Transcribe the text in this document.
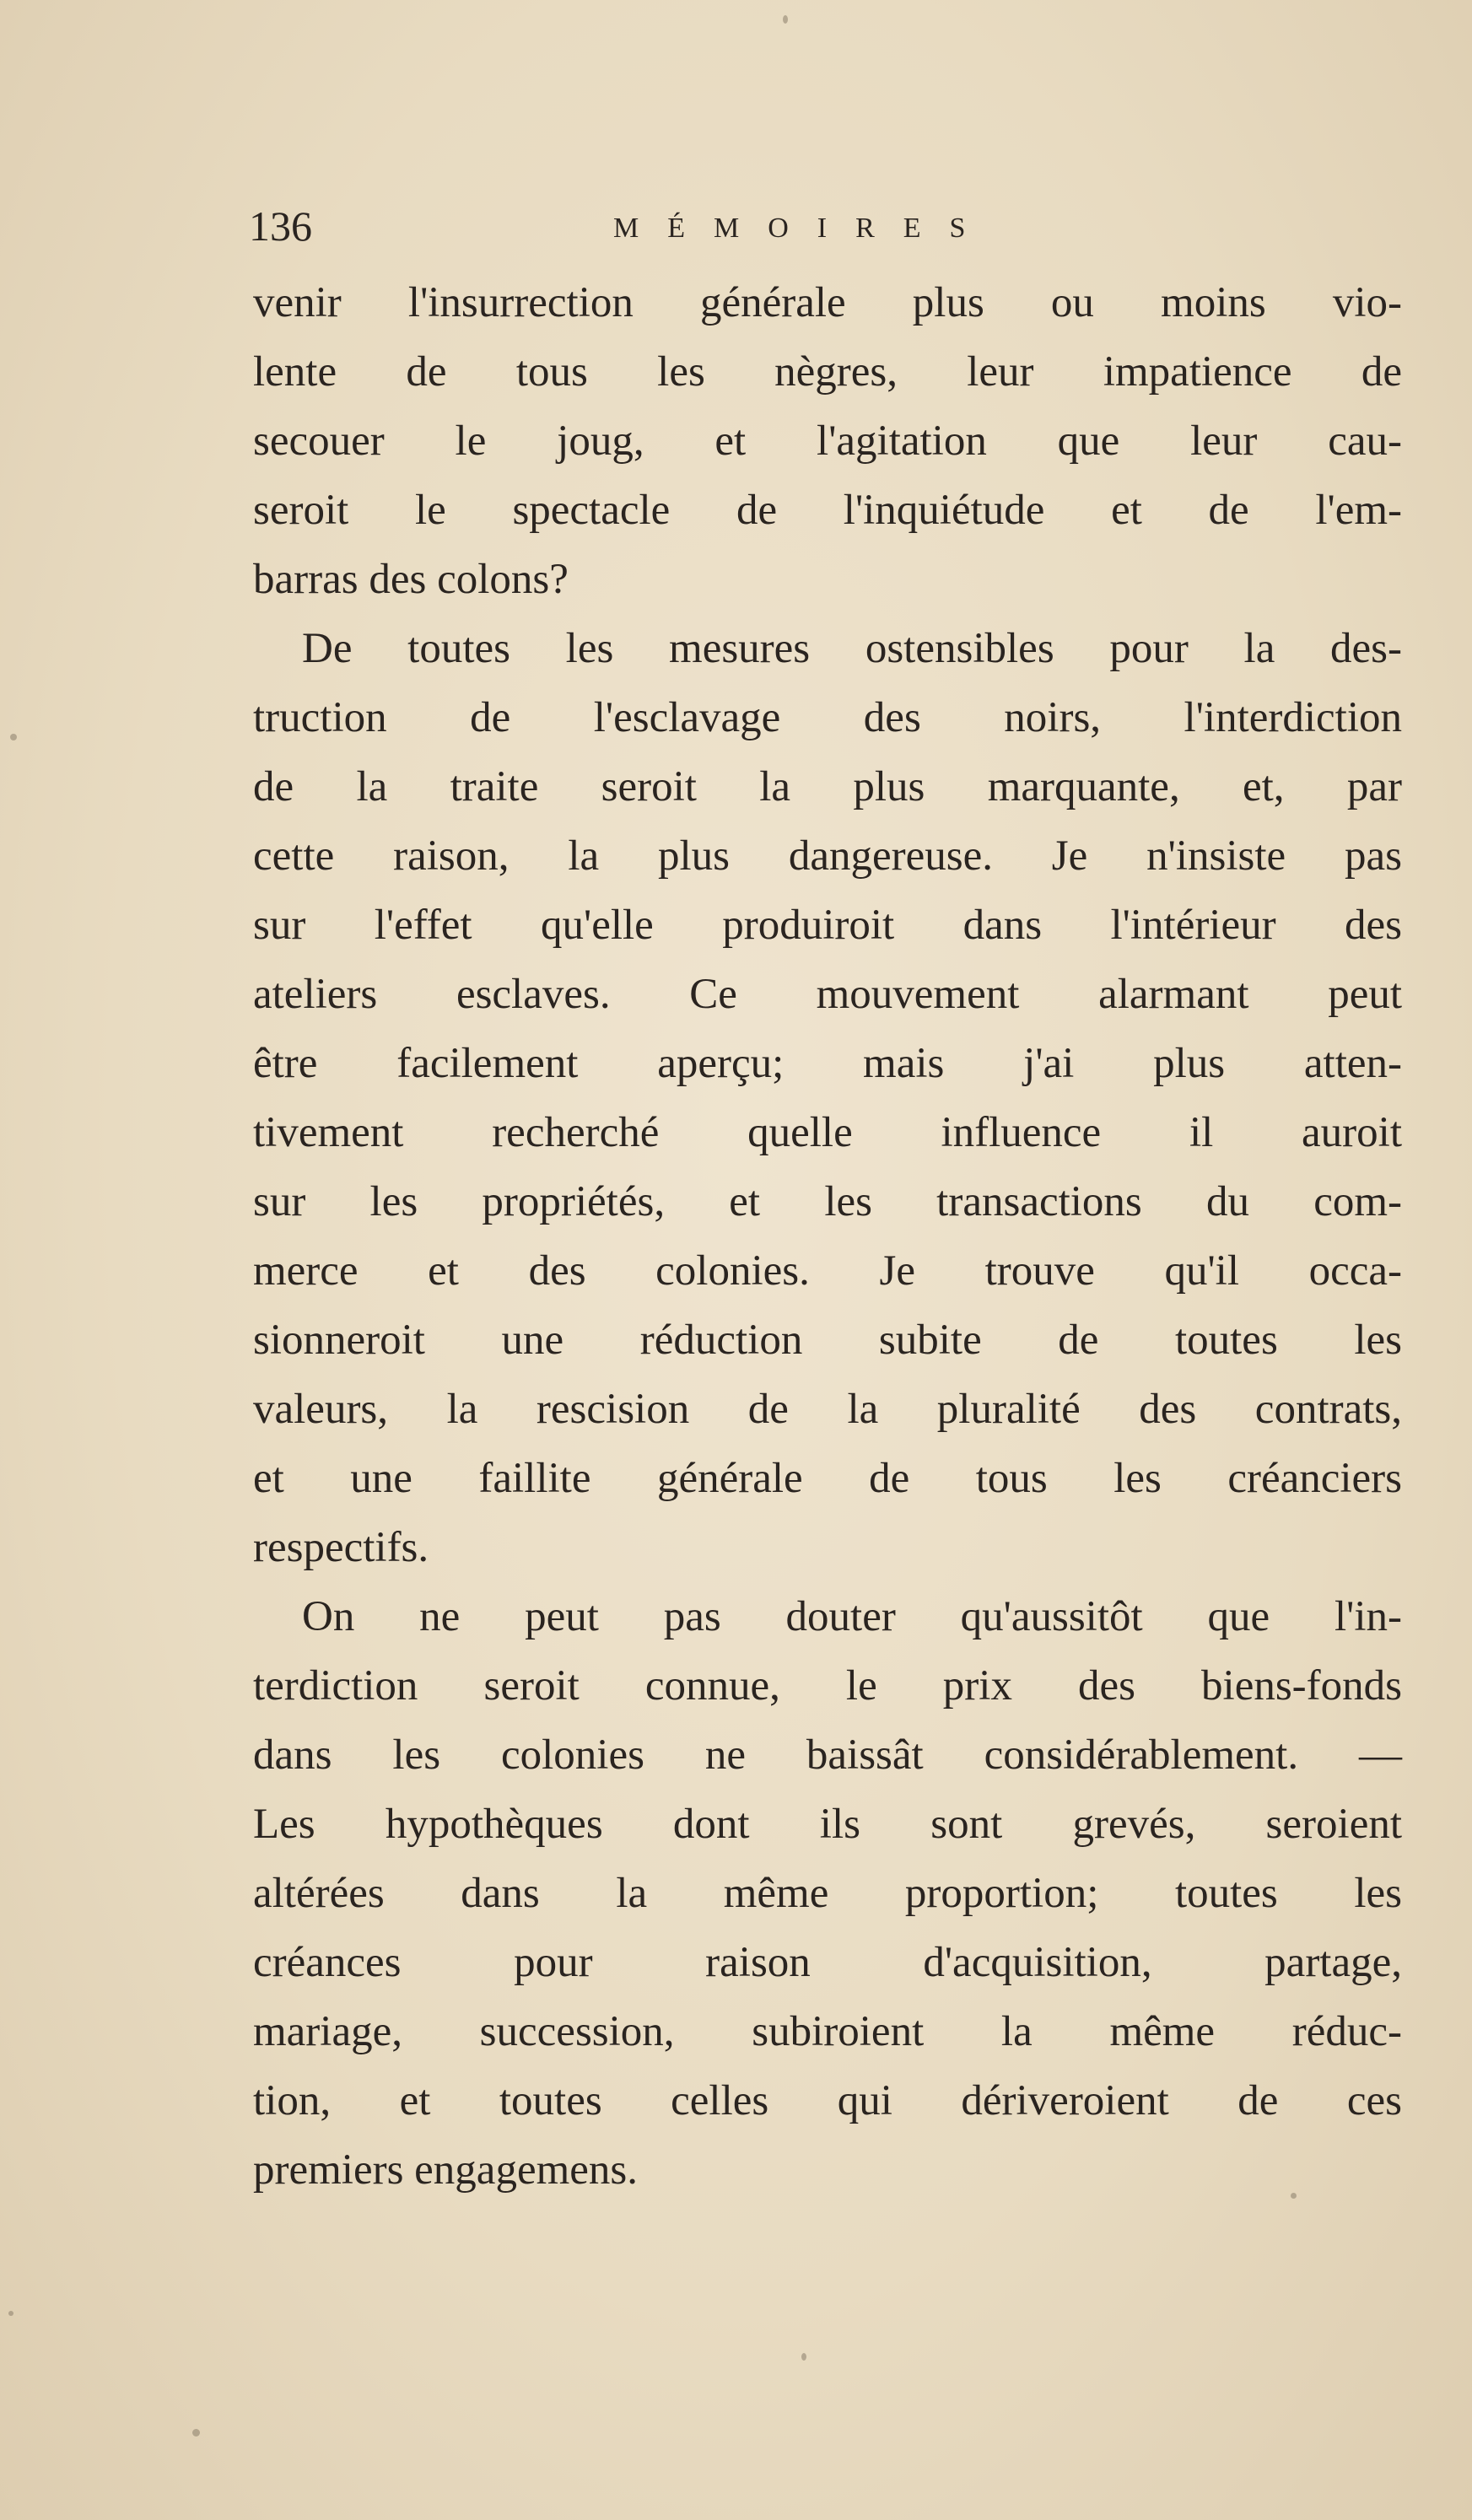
136	MÉMOIRES
venir l'insurrection générale plus ou moins vio-
lente de tous les nègres, leur impatience de
secouer le joug, et l'agitation que leur cau-
seroit le spectacle de l'inquiétude et de l'em-
barras des colons?
De toutes les mesures ostensibles pour la des-
truction de l'esclavage des noirs, l'interdiction
de la traite seroit la plus marquante, et, par
cette raison, la plus dangereuse. Je n'insiste pas
sur l'effet qu'elle produiroit dans l'intérieur des
ateliers esclaves. Ce mouvement alarmant peut
être facilement aperçu; mais j'ai plus atten-
tivement recherché quelle influence il auroit
sur les propriétés, et les transactions du com-
merce et des colonies. Je trouve qu'il occa-
sionneroit une réduction subite de toutes les
valeurs, la rescision de la pluralité des contrats,
et une faillite générale de tous les créanciers
respectifs.
On ne peut pas douter qu'aussitôt que l'in-
terdiction seroit connue, le prix des biens-fonds
dans les colonies ne baissât considérablement. —
Les hypothèques dont ils sont grevés, seroient
altérées dans la même proportion; toutes les
créances pour raison d'acquisition, partage,
mariage, succession, subiroient la même réduc-
tion, et toutes celles qui dériveroient de ces
premiers engagemens.
